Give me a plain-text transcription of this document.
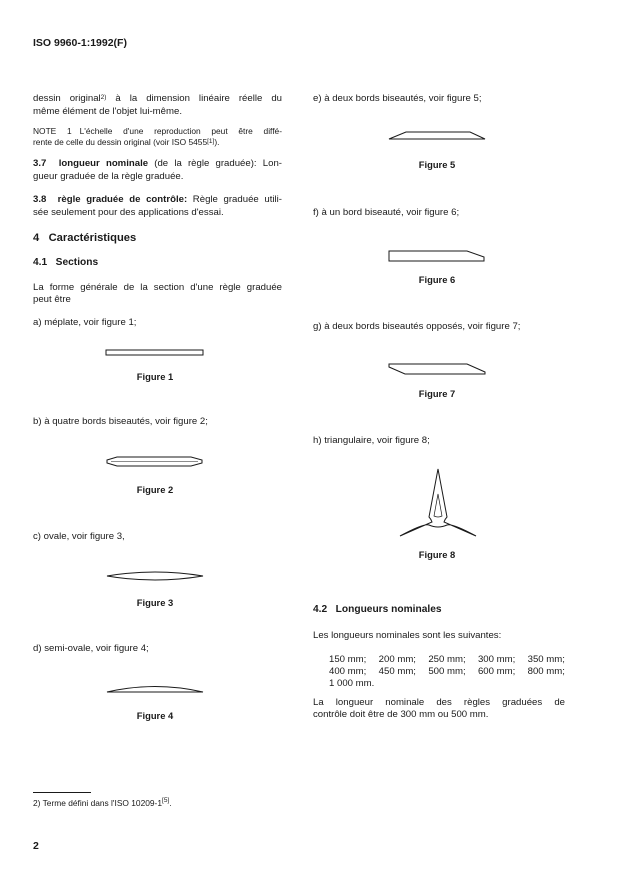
ISO 9960-1:1992(F)
dessin original$^{2)}$ à la dimension linéaire réelle du
même élément de l'objet lui-même.
NOTE 1 L'échelle d'une reproduction peut être diffé-
rente de celle du dessin original (voir ISO 5455[1]).
3.7 longueur nominale (de la règle graduée): Lon-
gueur graduée de la règle graduée.
3.8 règle graduée de contrôle: Règle graduée utili-
sée seulement pour des applications d'essai.
4 Caractéristiques
4.1 Sections
La forme générale de la section d'une règle graduée
peut être
a) méplate, voir figure 1;
Figure 1
b) à quatre bords biseautés, voir figure 2;
Figure 2
c) ovale, voir figure 3,
Figure 3
d) semi-ovale, voir figure 4;
Figure 4
2) Terme défini dans l'ISO 10209-1[5].
2
e) à deux bords biseautés, voir figure 5;
Figure 5
f) à un bord biseauté, voir figure 6;
Figure 6
g) à deux bords biseautés opposés, voir figure 7;
Figure 7
h) triangulaire, voir figure 8;
Figure 8
4.2 Longueurs nominales
Les longueurs nominales sont les suivantes:
150 mm; 200 mm; 250 mm; 300 mm; 350 mm;
400 mm; 450 mm; 500 mm; 600 mm; 800 mm;
1 000 mm.
La longueur nominale des règles graduées de
contrôle doit être de 300 mm ou 500 mm.
